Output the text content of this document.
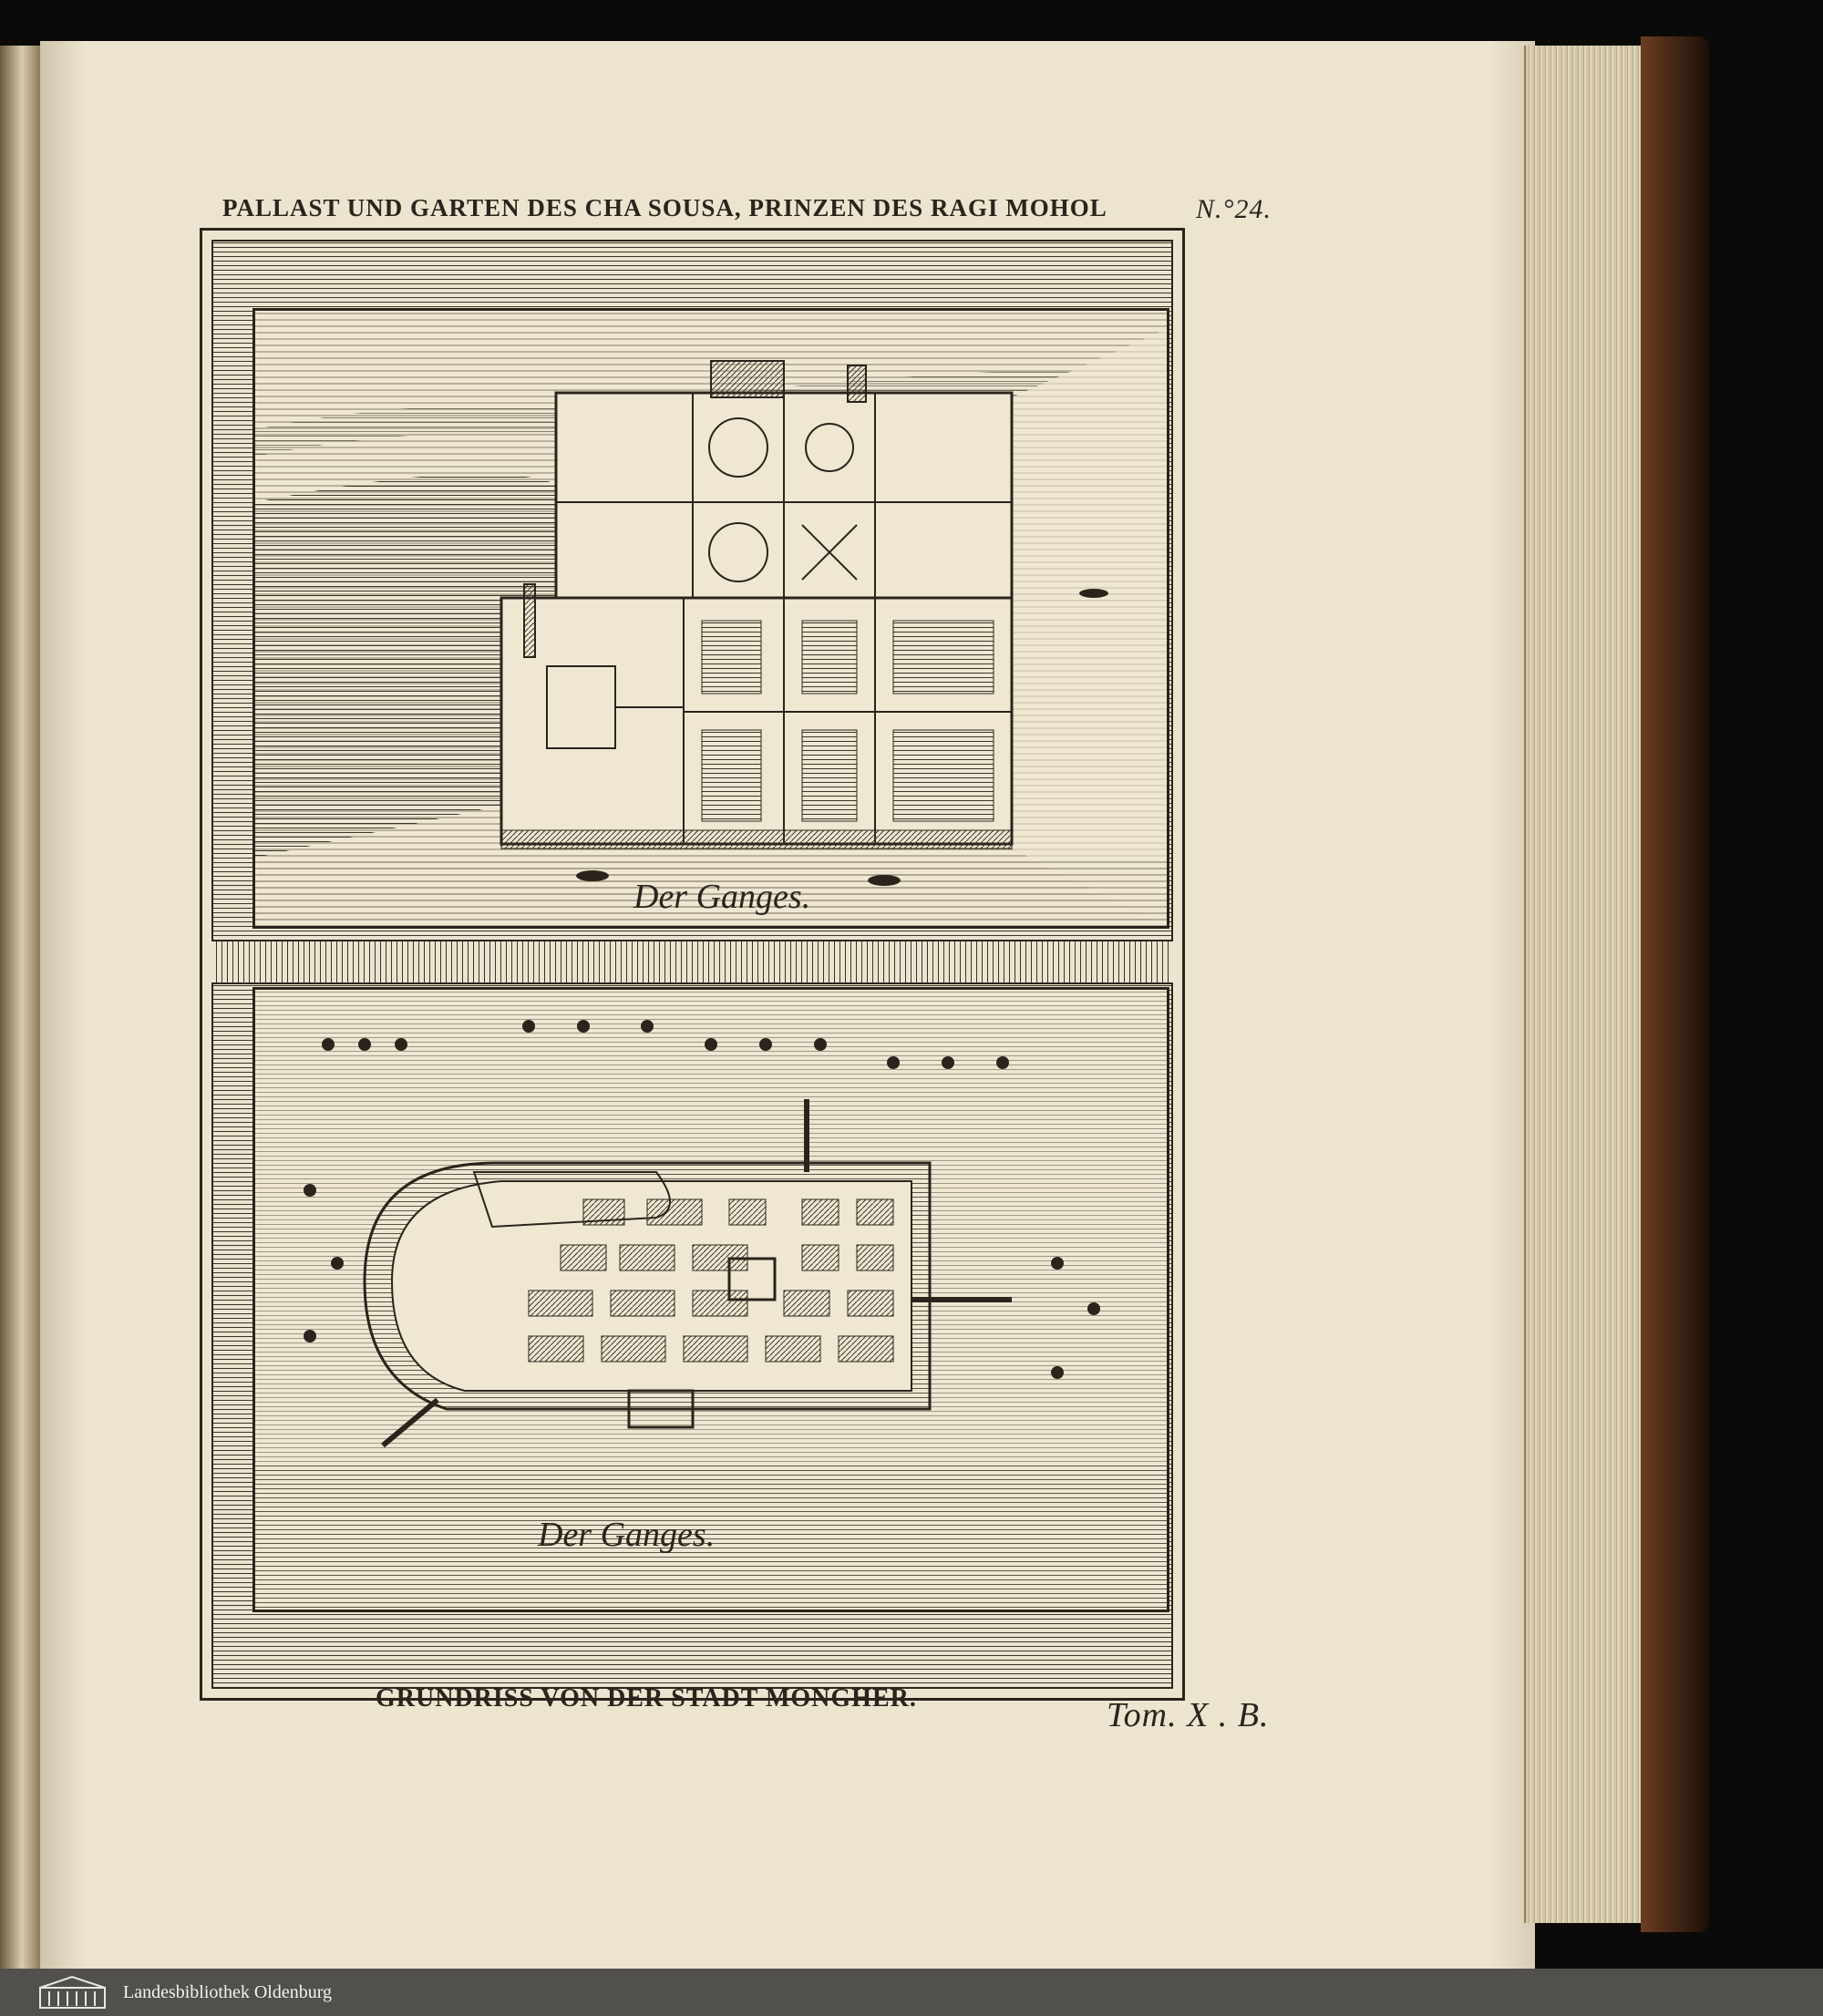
PALLAST UND GARTEN DES CHA SOUSA, PRINZEN DES RAGI MOHOL	N.°24.
Der Ganges.
Der Ganges.
GRUNDRISS VON DER STADT MONGHER.	Tom. X . B.
Landesbibliothek Oldenburg
